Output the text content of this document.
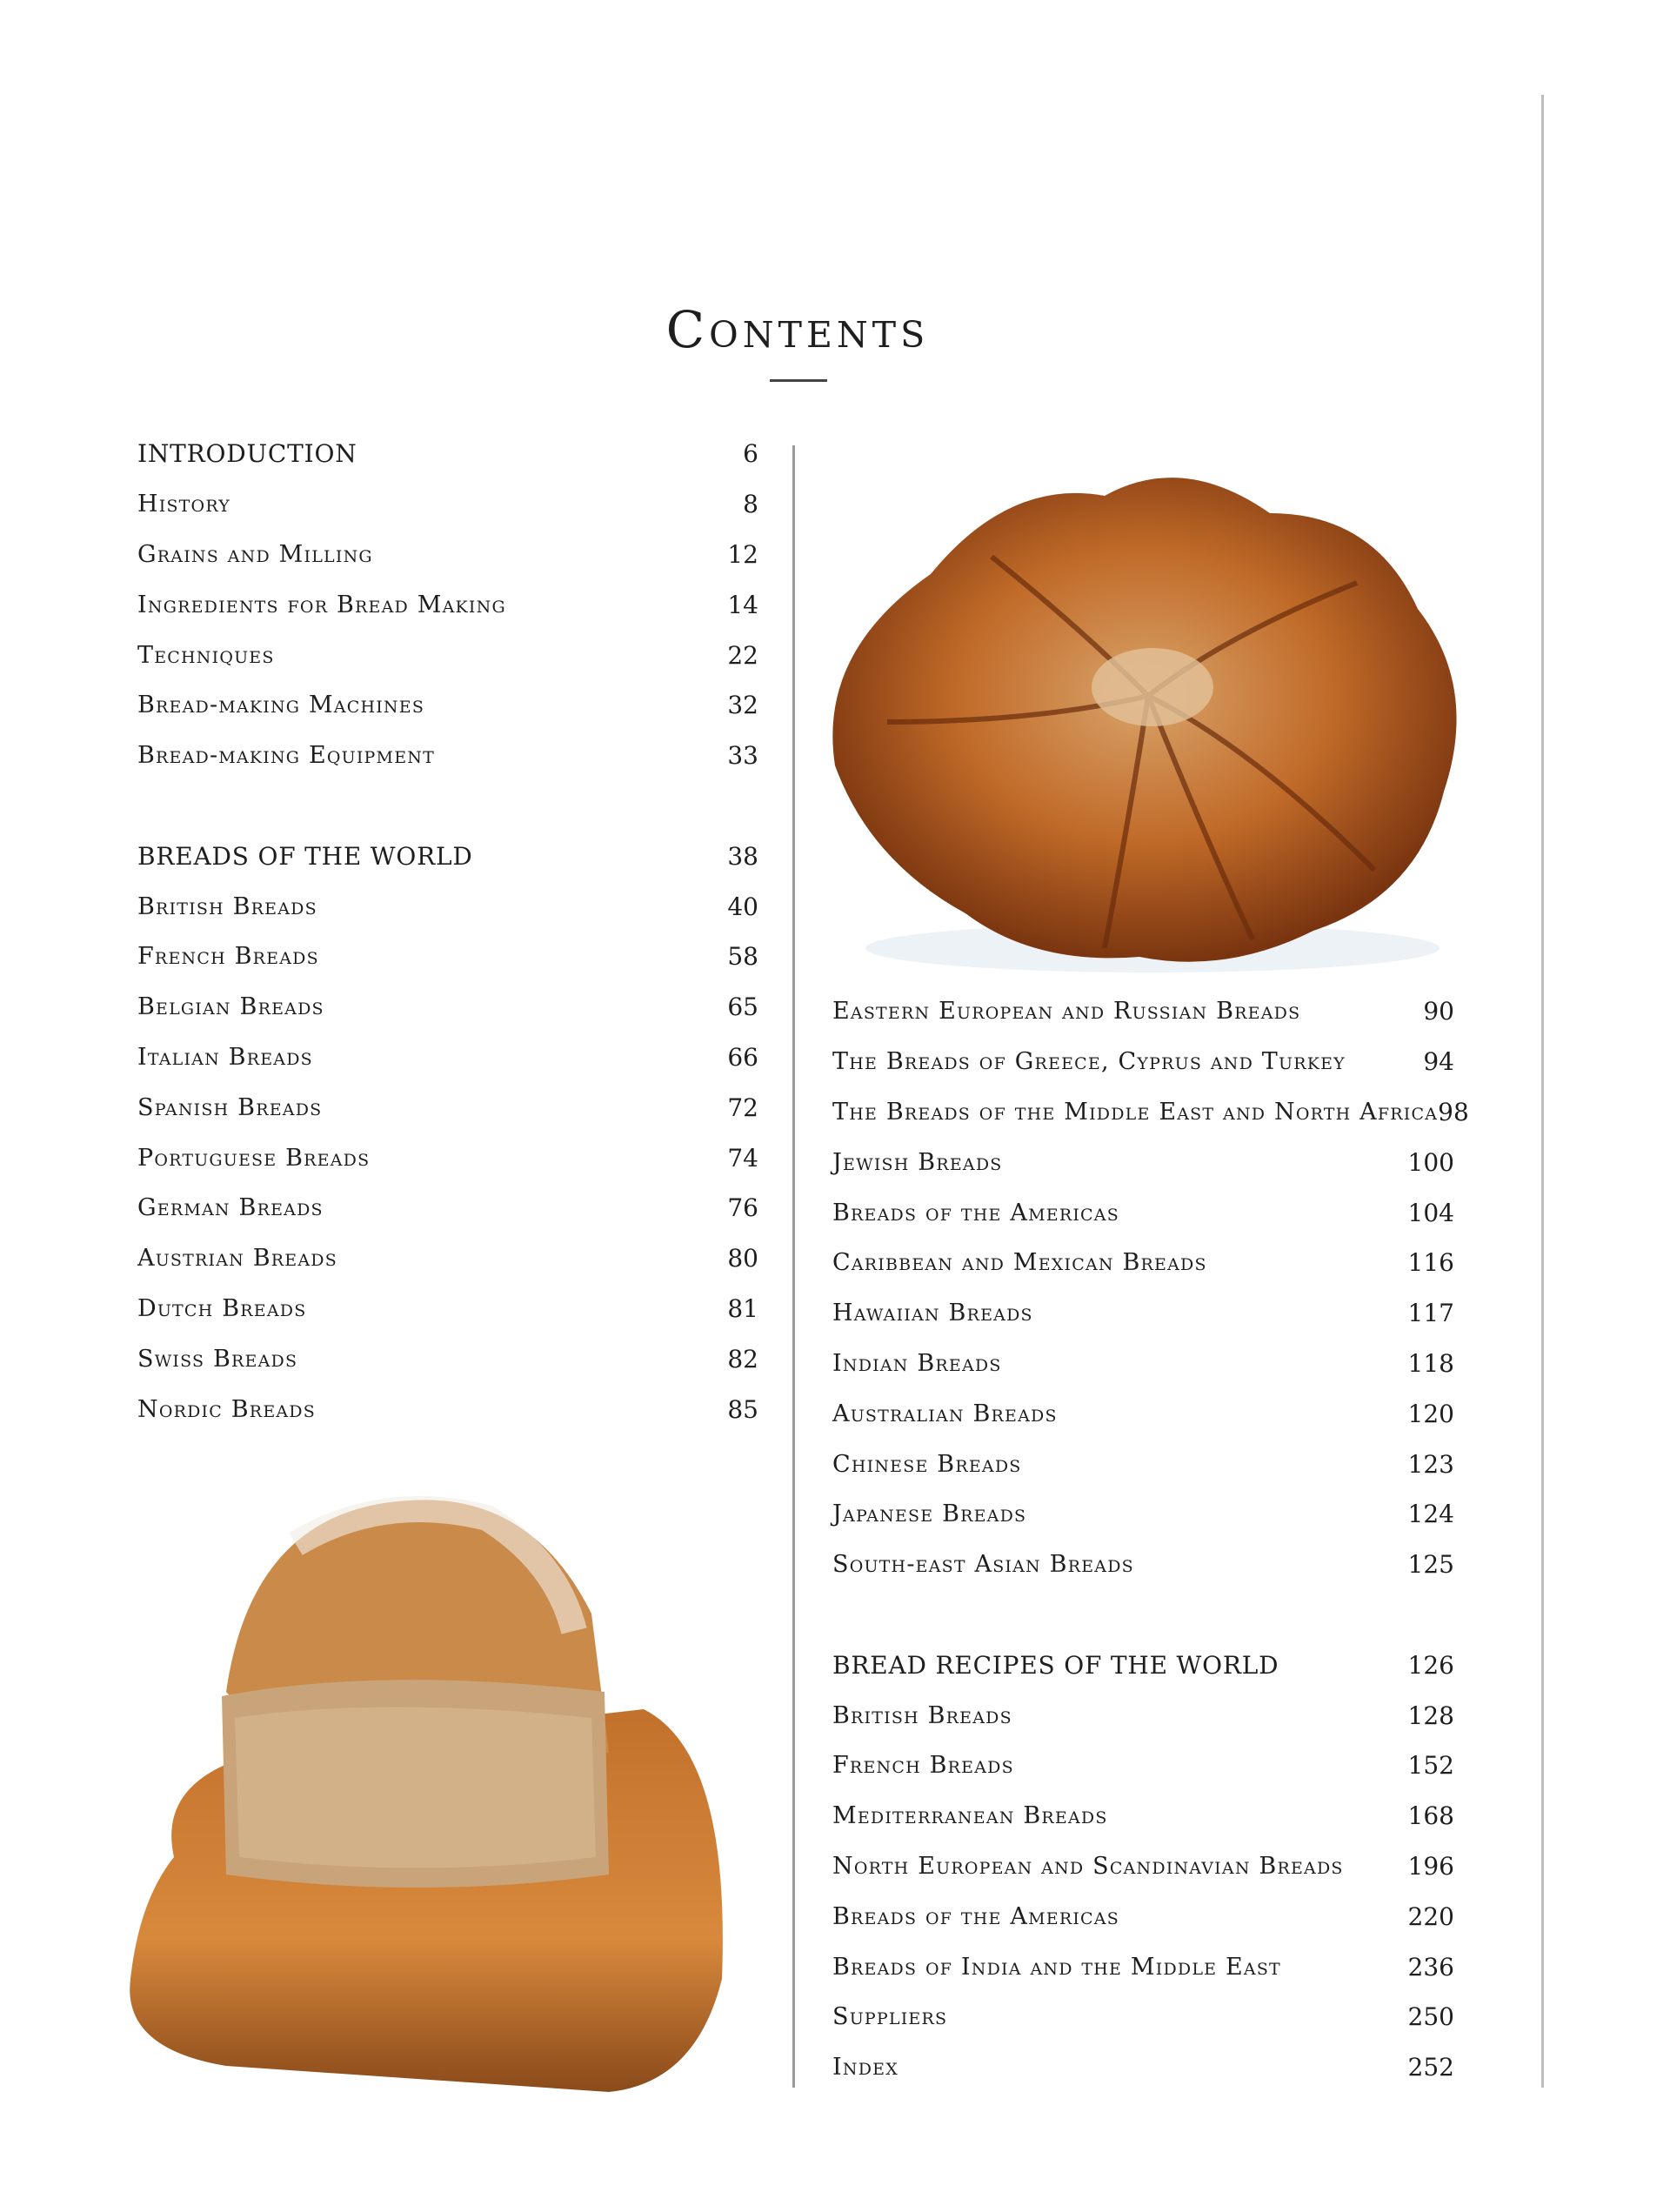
Contents
INTRODUCTION	6
History	8
Grains and Milling	12
Ingredients for Bread Making	14
Techniques	22
Bread-making Machines	32
Bread-making Equipment	33
BREADS OF THE WORLD	38
British Breads	40
French Breads	58
Belgian Breads	65
Italian Breads	66
Spanish Breads	72
Portuguese Breads	74
German Breads	76
Austrian Breads	80
Dutch Breads	81
Swiss Breads	82
Nordic Breads	85
Eastern European and Russian Breads	90
The Breads of Greece, Cyprus and Turkey	94
The Breads of the Middle East and North Africa 98
Jewish Breads	100
Breads of the Americas	104
Caribbean and Mexican Breads	116
Hawaiian Breads	117
Indian Breads	118
Australian Breads	120
Chinese Breads	123
Japanese Breads	124
South-east Asian Breads	125
BREAD RECIPES OF THE WORLD	126
British Breads	128
French Breads	152
Mediterranean Breads	168
North European and Scandinavian Breads	196
Breads of the Americas	220
Breads of India and the Middle East	236
Suppliers	250
Index	252
